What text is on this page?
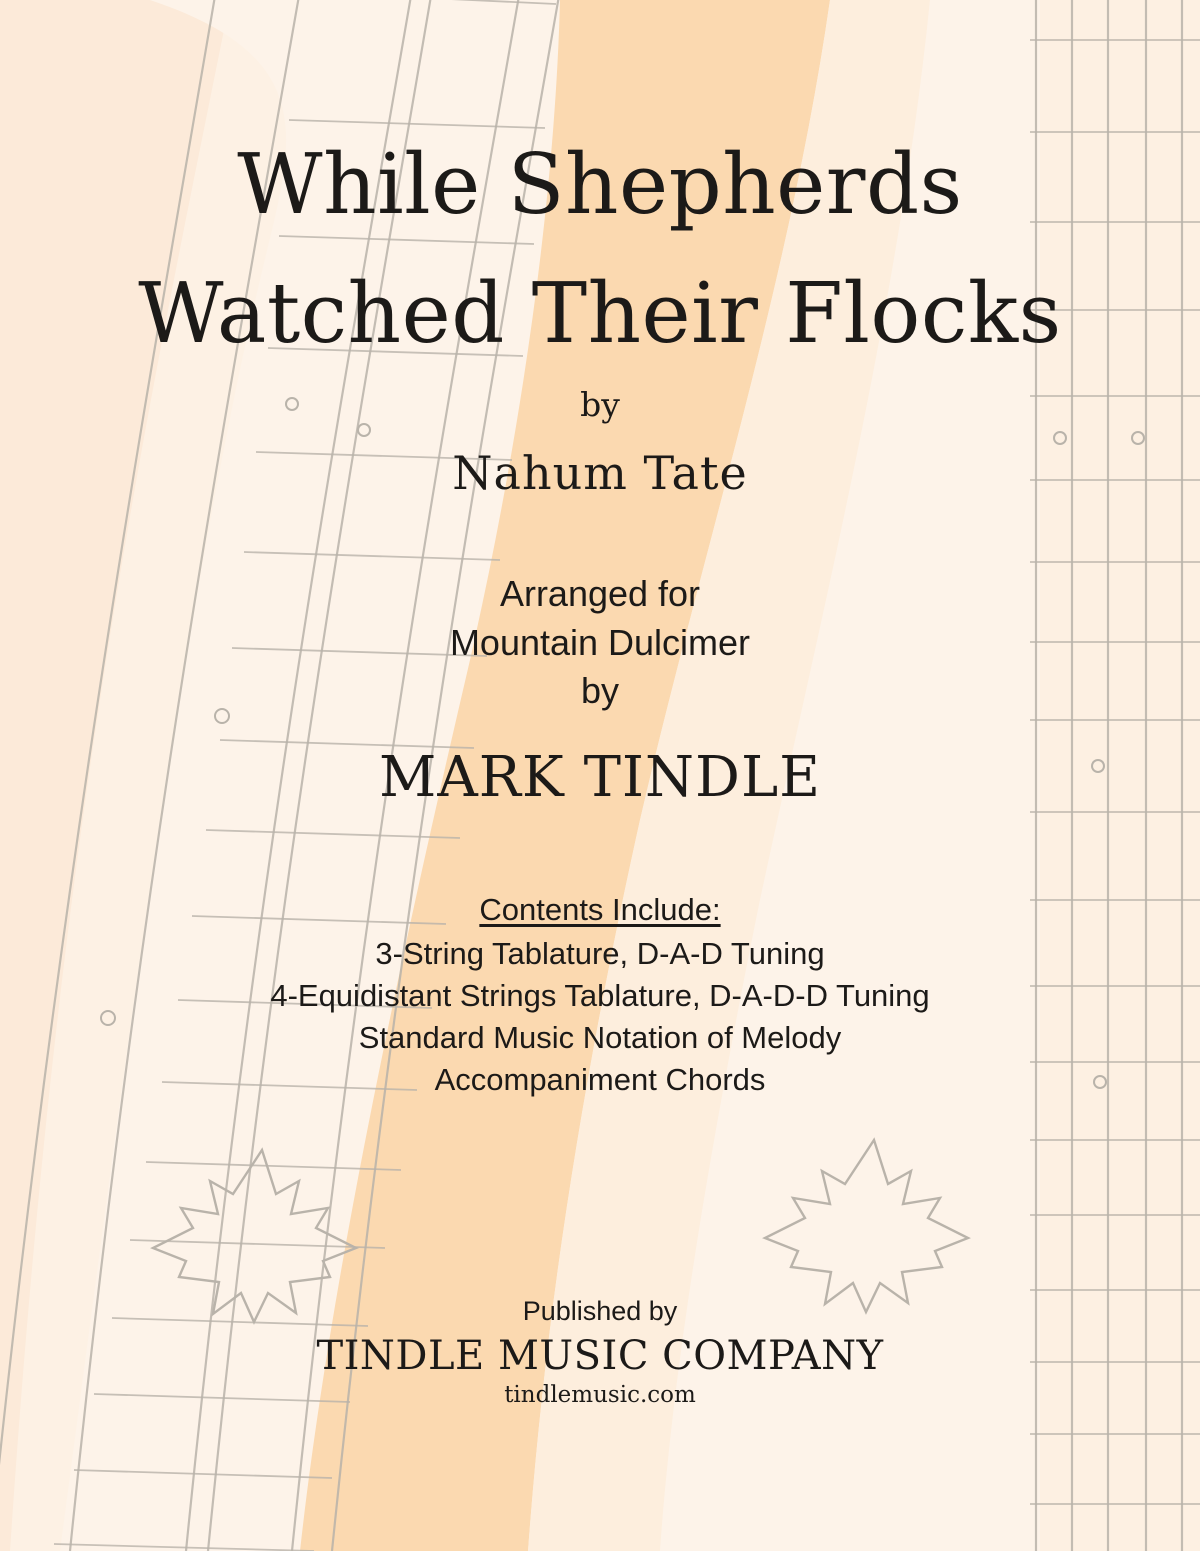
While Shepherds
Watched Their Flocks
by
Nahum Tate
Arranged for
Mountain Dulcimer
by
MARK TINDLE
Contents Include:
3-String Tablature, D-A-D Tuning
4-Equidistant Strings Tablature, D-A-D-D Tuning
Standard Music Notation of Melody
Accompaniment Chords
Published by
TINDLE MUSIC COMPANY
tindlemusic.com
